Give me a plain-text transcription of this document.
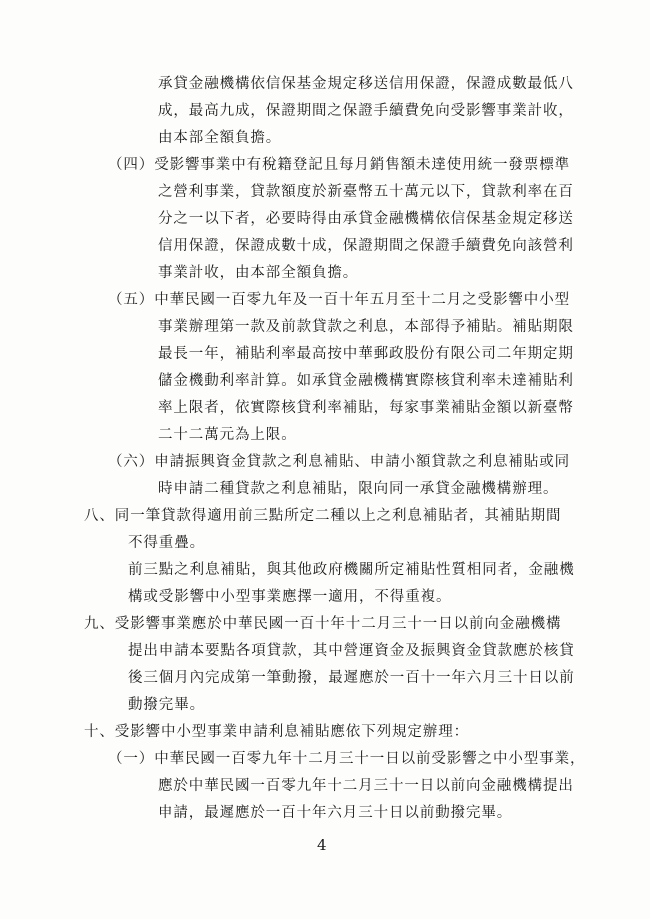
承貸金融機構依信保基金規定移送信用保證，保證成數最低八
成，最高九成，保證期間之保證手續費免向受影響事業計收，
由本部全額負擔。
（四）受影響事業中有稅籍登記且每月銷售額未達使用統一發票標準
之營利事業，貸款額度於新臺幣五十萬元以下，貸款利率在百
分之一以下者，必要時得由承貸金融機構依信保基金規定移送
信用保證，保證成數十成，保證期間之保證手續費免向該營利
事業計收，由本部全額負擔。
（五）中華民國一百零九年及一百十年五月至十二月之受影響中小型
事業辦理第一款及前款貸款之利息，本部得予補貼。補貼期限
最長一年，補貼利率最高按中華郵政股份有限公司二年期定期
儲金機動利率計算。如承貸金融機構實際核貸利率未達補貼利
率上限者，依實際核貸利率補貼，每家事業補貼金額以新臺幣
二十二萬元為上限。
（六）申請振興資金貸款之利息補貼、申請小額貸款之利息補貼或同
時申請二種貸款之利息補貼，限向同一承貸金融機構辦理。
八、同一筆貸款得適用前三點所定二種以上之利息補貼者，其補貼期間
不得重疊。
前三點之利息補貼，與其他政府機關所定補貼性質相同者，金融機
構或受影響中小型事業應擇一適用，不得重複。
九、受影響事業應於中華民國一百十年十二月三十一日以前向金融機構
提出申請本要點各項貸款，其中營運資金及振興資金貸款應於核貸
後三個月內完成第一筆動撥，最遲應於一百十一年六月三十日以前
動撥完畢。
十、受影響中小型事業申請利息補貼應依下列規定辦理：
（一）中華民國一百零九年十二月三十一日以前受影響之中小型事業，
應於中華民國一百零九年十二月三十一日以前向金融機構提出
申請，最遲應於一百十年六月三十日以前動撥完畢。
4
